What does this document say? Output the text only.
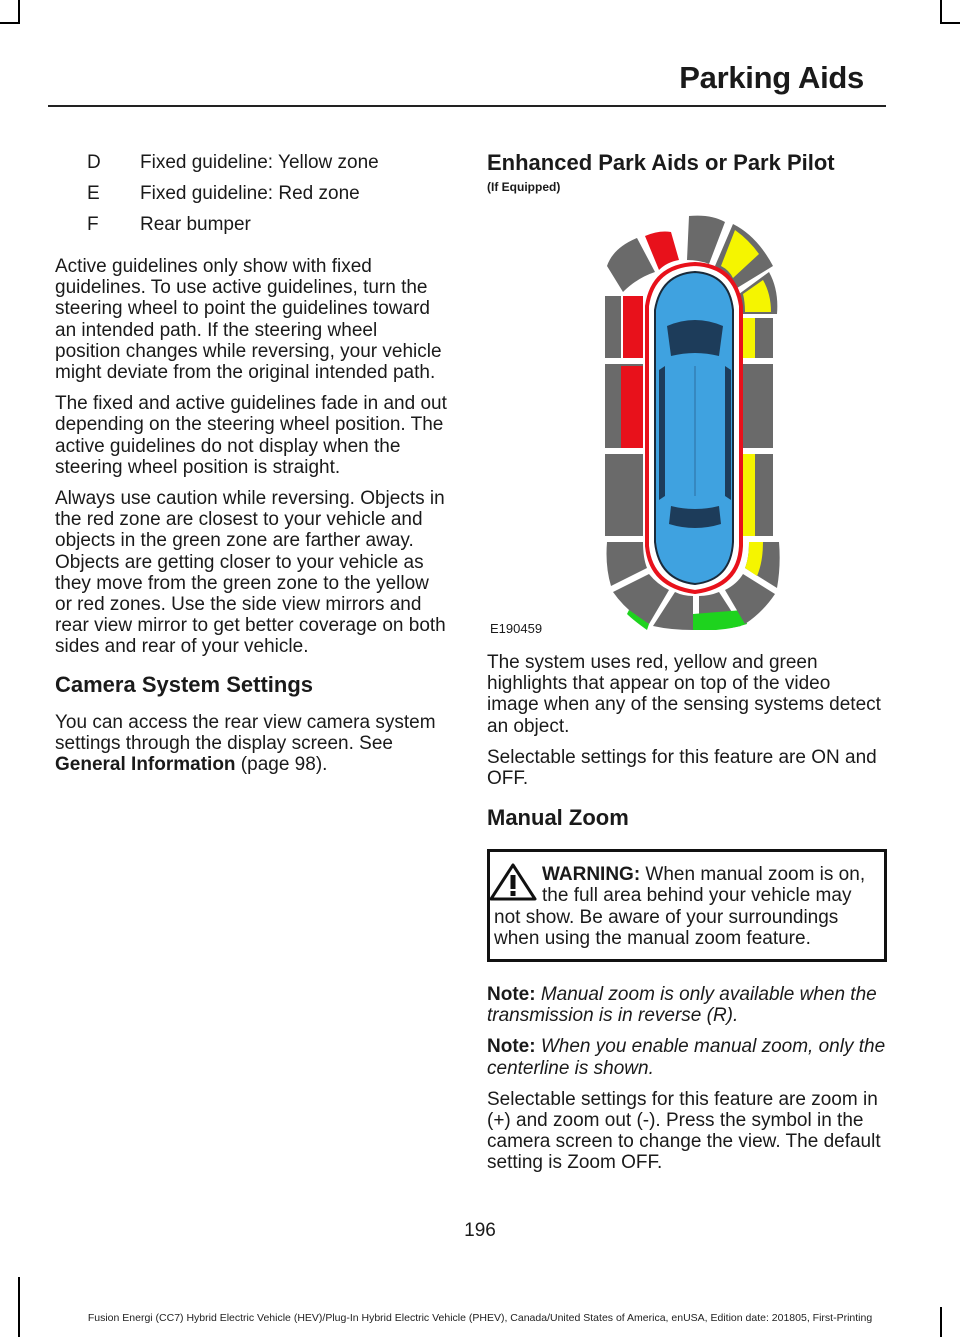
Parking Aids
D	Fixed guideline: Yellow zone
E	Fixed guideline: Red zone
F	Rear bumper

Active guidelines only show with fixed guidelines. To use active guidelines, turn the steering wheel to point the guidelines toward an intended path. If the steering wheel position changes while reversing, your vehicle might deviate from the original intended path.

The fixed and active guidelines fade in and out depending on the steering wheel position. The active guidelines do not display when the steering wheel position is straight.

Always use caution while reversing. Objects in the red zone are closest to your vehicle and objects in the green zone are farther away. Objects are getting closer to your vehicle as they move from the green zone to the yellow or red zones. Use the side view mirrors and rear view mirror to get better coverage on both sides and rear of your vehicle.

Camera System Settings

You can access the rear view camera system settings through the display screen. See General Information (page 98).

Enhanced Park Aids or Park Pilot
(If Equipped)
E190459

The system uses red, yellow and green highlights that appear on top of the video image when any of the sensing systems detect an object.

Selectable settings for this feature are ON and OFF.

Manual Zoom

WARNING: When manual zoom is on, the full area behind your vehicle may not show. Be aware of your surroundings when using the manual zoom feature.

Note: Manual zoom is only available when the transmission is in reverse (R).

Note: When you enable manual zoom, only the centerline is shown.

Selectable settings for this feature are zoom in (+) and zoom out (-). Press the symbol in the camera screen to change the view. The default setting is Zoom OFF.

196
Fusion Energi (CC7) Hybrid Electric Vehicle (HEV)/Plug-In Hybrid Electric Vehicle (PHEV), Canada/United States of America, enUSA, Edition date: 201805, First-Printing
